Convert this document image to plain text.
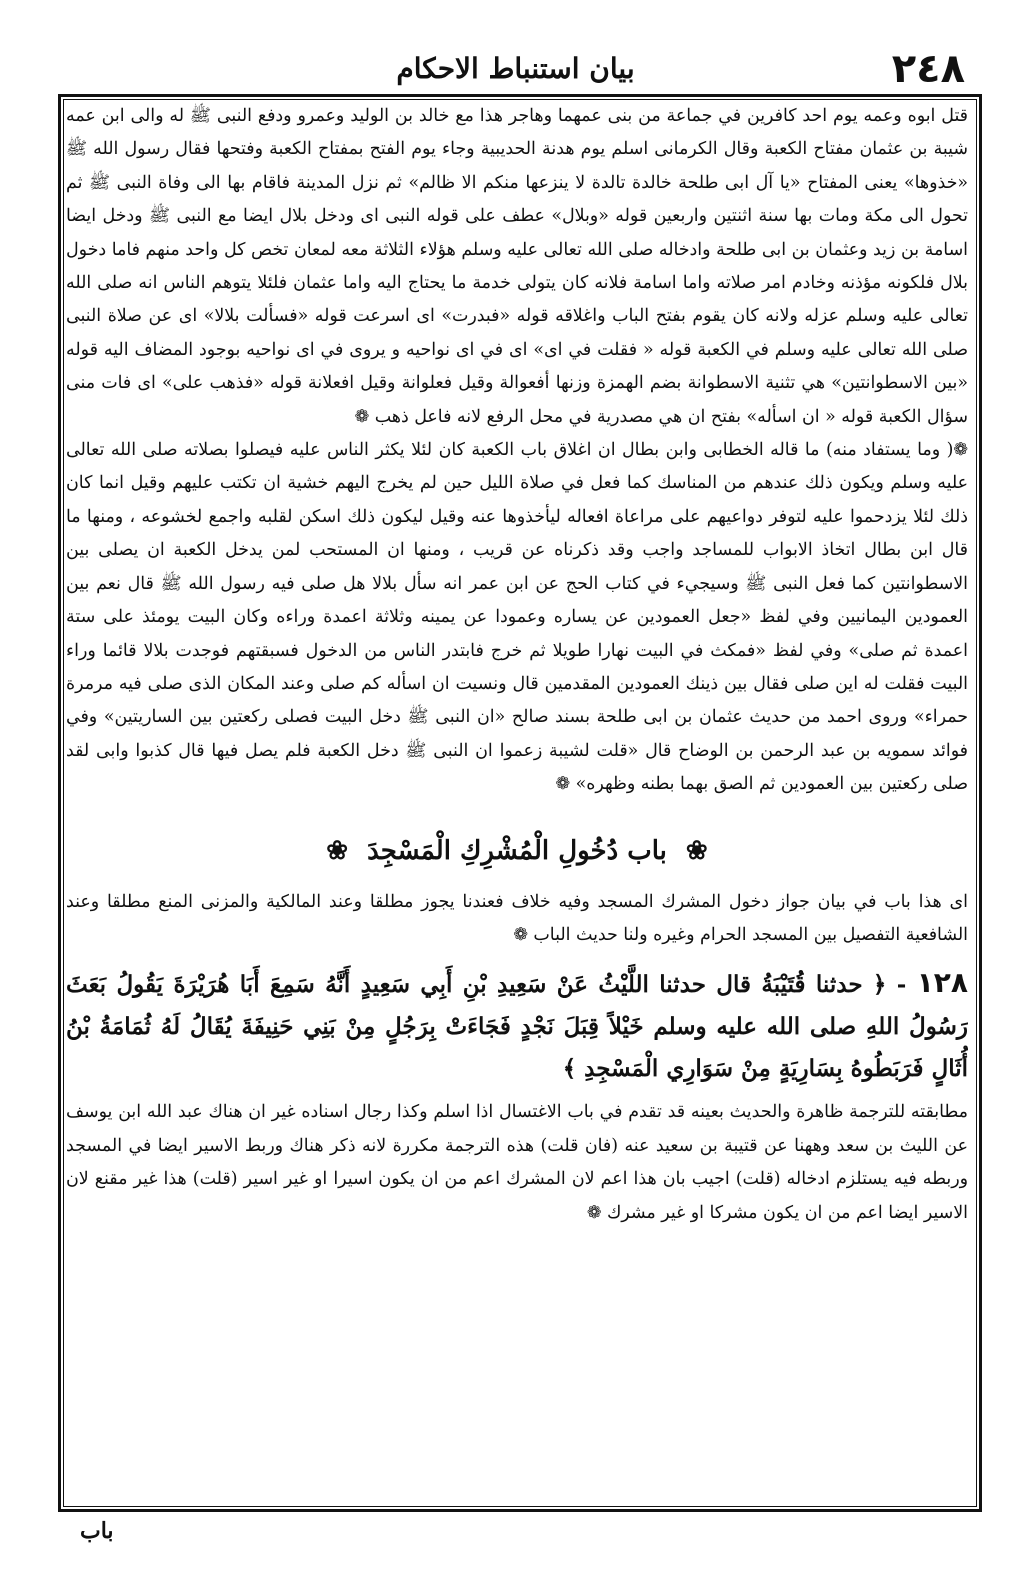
٢٤٨
بيان استنباط الاحكام

قتل ابوه وعمه يوم احد كافرين في جماعة من بنى عمهما وهاجر هذا مع خالد بن الوليد وعمرو ودفع النبى ﷺ له والى ابن عمه شيبة بن عثمان مفتاح الكعبة وقال الكرمانى اسلم يوم هدنة الحديبية وجاء يوم الفتح بمفتاح الكعبة وفتحها فقال رسول الله ﷺ «خذوها» يعنى المفتاح «يا آل ابى طلحة خالدة تالدة لا ينزعها منكم الا ظالم» ثم نزل المدينة فاقام بها الى وفاة النبى ﷺ ثم تحول الى مكة ومات بها سنة اثنتين واربعين قوله «وبلال» عطف على قوله النبى اى ودخل بلال ايضا مع النبى ﷺ ودخل ايضا اسامة بن زيد وعثمان بن ابى طلحة وادخاله صلى الله تعالى عليه وسلم هؤلاء الثلاثة معه لمعان تخص كل واحد منهم فاما دخول بلال فلكونه مؤذنه وخادم امر صلاته واما اسامة فلانه كان يتولى خدمة ما يحتاج اليه واما عثمان فلئلا يتوهم الناس انه صلى الله تعالى عليه وسلم عزله ولانه كان يقوم بفتح الباب واغلاقه قوله «فبدرت» اى اسرعت قوله «فسألت بلالا» اى عن صلاة النبى صلى الله تعالى عليه وسلم في الكعبة قوله « فقلت في اى» اى في اى نواحيه و يروى في اى نواحيه بوجود المضاف اليه قوله «بين الاسطوانتين» هي تثنية الاسطوانة بضم الهمزة وزنها أفعوالة وقيل فعلوانة وقيل افعلانة قوله «فذهب على» اى فات منى سؤال الكعبة قوله « ان اسأله» بفتح ان هي مصدرية في محل الرفع لانه فاعل ذهب ❁

❁( وما يستفاد منه) ما قاله الخطابى وابن بطال ان اغلاق باب الكعبة كان لئلا يكثر الناس عليه فيصلوا بصلاته صلى الله تعالى عليه وسلم ويكون ذلك عندهم من المناسك كما فعل في صلاة الليل حين لم يخرج اليهم خشية ان تكتب عليهم وقيل انما كان ذلك لئلا يزدحموا عليه لتوفر دواعيهم على مراعاة افعاله ليأخذوها عنه وقيل ليكون ذلك اسكن لقلبه واجمع لخشوعه ، ومنها ما قال ابن بطال اتخاذ الابواب للمساجد واجب وقد ذكرناه عن قريب ، ومنها ان المستحب لمن يدخل الكعبة ان يصلى بين الاسطوانتين كما فعل النبى ﷺ وسيجيء في كتاب الحج عن ابن عمر انه سأل بلالا هل صلى فيه رسول الله ﷺ قال نعم بين العمودين اليمانيين وفي لفظ «جعل العمودين عن يساره وعمودا عن يمينه وثلاثة اعمدة وراءه وكان البيت يومئذ على ستة اعمدة ثم صلى» وفي لفظ «فمكث في البيت نهارا طويلا ثم خرج فابتدر الناس من الدخول فسبقتهم فوجدت بلالا قائما وراء البيت فقلت له اين صلى فقال بين ذينك العمودين المقدمين قال ونسيت ان اسأله كم صلى وعند المكان الذى صلى فيه مرمرة حمراء» وروى احمد من حديث عثمان بن ابى طلحة بسند صالح «ان النبى ﷺ دخل البيت فصلى ركعتين بين الساريتين» وفي فوائد سمويه بن عبد الرحمن بن الوضاح قال «قلت لشيبة زعموا ان النبى ﷺ دخل الكعبة فلم يصل فيها قال كذبوا وابى لقد صلى ركعتين بين العمودين ثم الصق بهما بطنه وظهره» ❁

❀ باب دُخُولِ الْمُشْرِكِ الْمَسْجِدَ ❀

اى هذا باب في بيان جواز دخول المشرك المسجد وفيه خلاف فعندنا يجوز مطلقا وعند المالكية والمزنى المنع مطلقا وعند الشافعية التفصيل بين المسجد الحرام وغيره ولنا حديث الباب ❁

١٢٨ - ﴿ حدثنا قُتَيْبَةُ قال حدثنا اللَّيْثُ عَنْ سَعِيدِ بْنِ أَبِي سَعِيدٍ أَنَّهُ سَمِعَ أَبَا هُرَيْرَةَ يَقُولُ بَعَثَ رَسُولُ اللهِ صلى الله عليه وسلم خَيْلاً قِبَلَ نَجْدٍ فَجَاءَتْ بِرَجُلٍ مِنْ بَنِي حَنِيفَةَ يُقَالُ لَهُ ثُمَامَةُ بْنُ أُثَالٍ فَرَبَطُوهُ بِسَارِيَةٍ مِنْ سَوَارِي الْمَسْجِدِ ﴾

مطابقته للترجمة ظاهرة والحديث بعينه قد تقدم في باب الاغتسال اذا اسلم وكذا رجال اسناده غير ان هناك عبد الله ابن يوسف عن الليث بن سعد وههنا عن قتيبة بن سعيد عنه (فان قلت) هذه الترجمة مكررة لانه ذكر هناك وربط الاسير ايضا في المسجد وربطه فيه يستلزم ادخاله (قلت) اجيب بان هذا اعم لان المشرك اعم من ان يكون اسيرا او غير اسير (قلت) هذا غير مقنع لان الاسير ايضا اعم من ان يكون مشركا او غير مشرك ❁

باب
